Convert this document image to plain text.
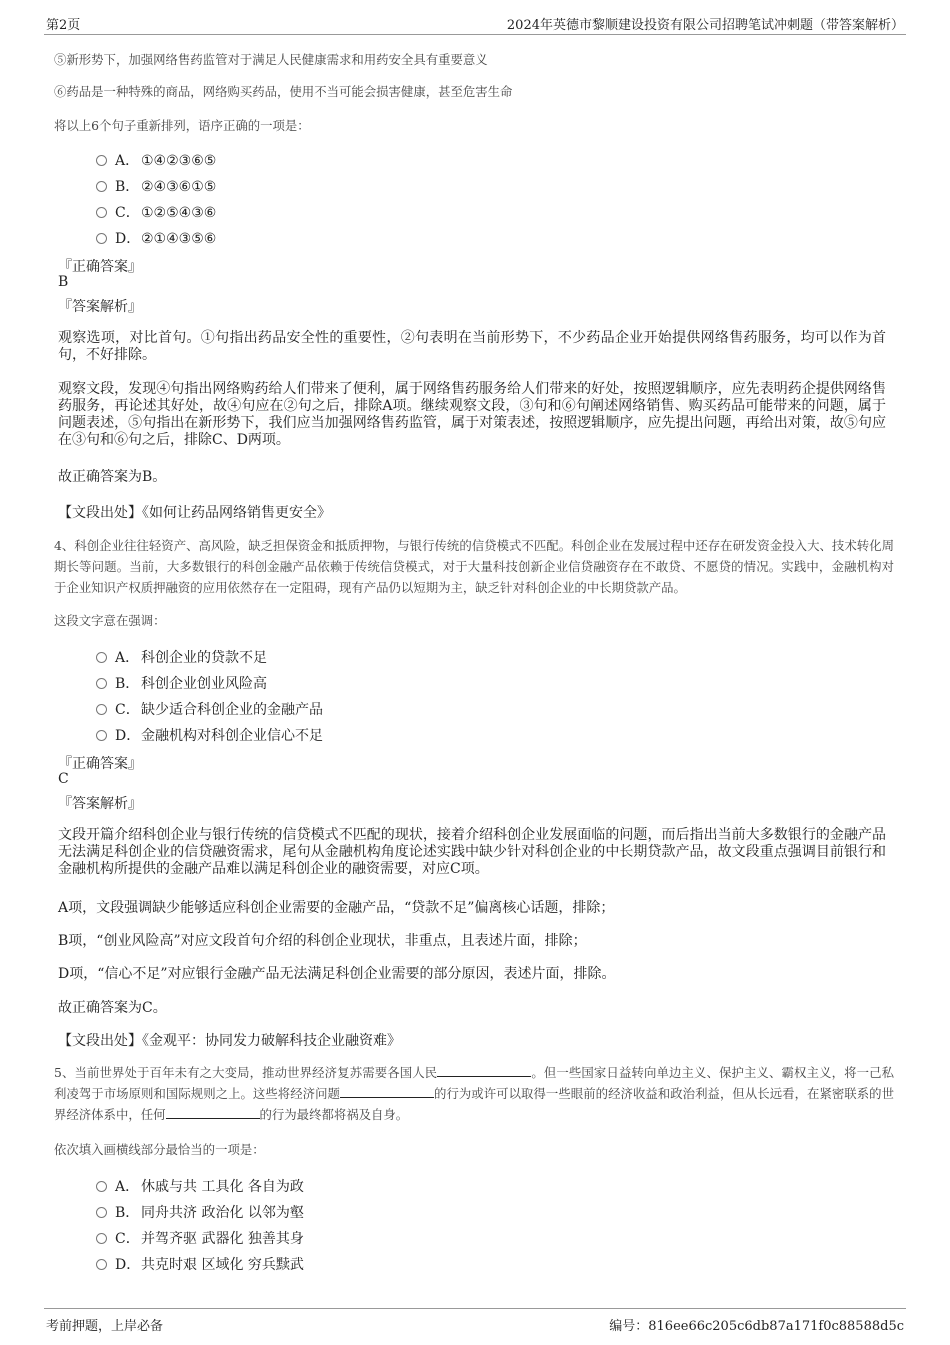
第2页	2024年英德市黎顺建设投资有限公司招聘笔试冲刺题（带答案解析）
⑤新形势下，加强网络售药监管对于满足人民健康需求和用药安全具有重要意义
⑥药品是一种特殊的商品，网络购买药品，使用不当可能会损害健康，甚至危害生命
将以上6个句子重新排列，语序正确的一项是：
A． ①④②③⑥⑤
B． ②④③⑥①⑤
C．①②⑤④③⑥
D．②①④③⑤⑥
『正确答案』
B
『答案解析』
观察选项，对比首句。①句指出药品安全性的重要性，②句表明在当前形势下，不少药品企业开始提供网络售药服务，均可以作为首句，不好排除。
观察文段，发现④句指出网络购药给人们带来了便利，属于网络售药服务给人们带来的好处，按照逻辑顺序，应先表明药企提供网络售药服务，再论述其好处，故④句应在②句之后，排除A项。继续观察文段，③句和⑥句阐述网络销售、购买药品可能带来的问题，属于问题表述，⑤句指出在新形势下，我们应当加强网络售药监管，属于对策表述，按照逻辑顺序，应先提出问题，再给出对策，故⑤句应在③句和⑥句之后，排除C、D两项。
故正确答案为B。
【文段出处】《如何让药品网络销售更安全》
4、科创企业往往轻资产、高风险，缺乏担保资金和抵质押物，与银行传统的信贷模式不匹配。科创企业在发展过程中还存在研发资金投入大、技术转化周期长等问题。当前，大多数银行的科创金融产品依赖于传统信贷模式，对于大量科技创新企业信贷融资存在不敢贷、不愿贷的情况。实践中，金融机构对于企业知识产权质押融资的应用依然存在一定阻碍，现有产品仍以短期为主，缺乏针对科创企业的中长期贷款产品。
这段文字意在强调：
A． 科创企业的贷款不足
B． 科创企业创业风险高
C．缺少适合科创企业的金融产品
D．金融机构对科创企业信心不足
『正确答案』
C
『答案解析』
文段开篇介绍科创企业与银行传统的信贷模式不匹配的现状，接着介绍科创企业发展面临的问题，而后指出当前大多数银行的金融产品无法满足科创企业的信贷融资需求，尾句从金融机构角度论述实践中缺少针对科创企业的中长期贷款产品，故文段重点强调目前银行和金融机构所提供的金融产品难以满足科创企业的融资需要，对应C项。
A项，文段强调缺少能够适应科创企业需要的金融产品，“贷款不足”偏离核心话题，排除；
B项，“创业风险高”对应文段首句介绍的科创企业现状，非重点，且表述片面，排除；
D项，“信心不足”对应银行金融产品无法满足科创企业需要的部分原因，表述片面，排除。
故正确答案为C。
【文段出处】《金观平：协同发力破解科技企业融资难》
5、当前世界处于百年未有之大变局，推动世界经济复苏需要各国人民	。但一些国家日益转向单边主义、保护主义、霸权主义，将一己私利凌驾于市场原则和国际规则之上。这些将经济问题	的行为或许可以取得一些眼前的经济收益和政治利益，但从长远看，在紧密联系的世界经济体系中，任何	的行为最终都将祸及自身。
依次填入画横线部分最恰当的一项是：
A． 休戚与共 工具化 各自为政
B． 同舟共济 政治化 以邻为壑
C．并驾齐驱 武器化 独善其身
D．共克时艰 区域化 穷兵黩武
考前押题，上岸必备	编号：816ee66c205c6db87a171f0c88588d5c
